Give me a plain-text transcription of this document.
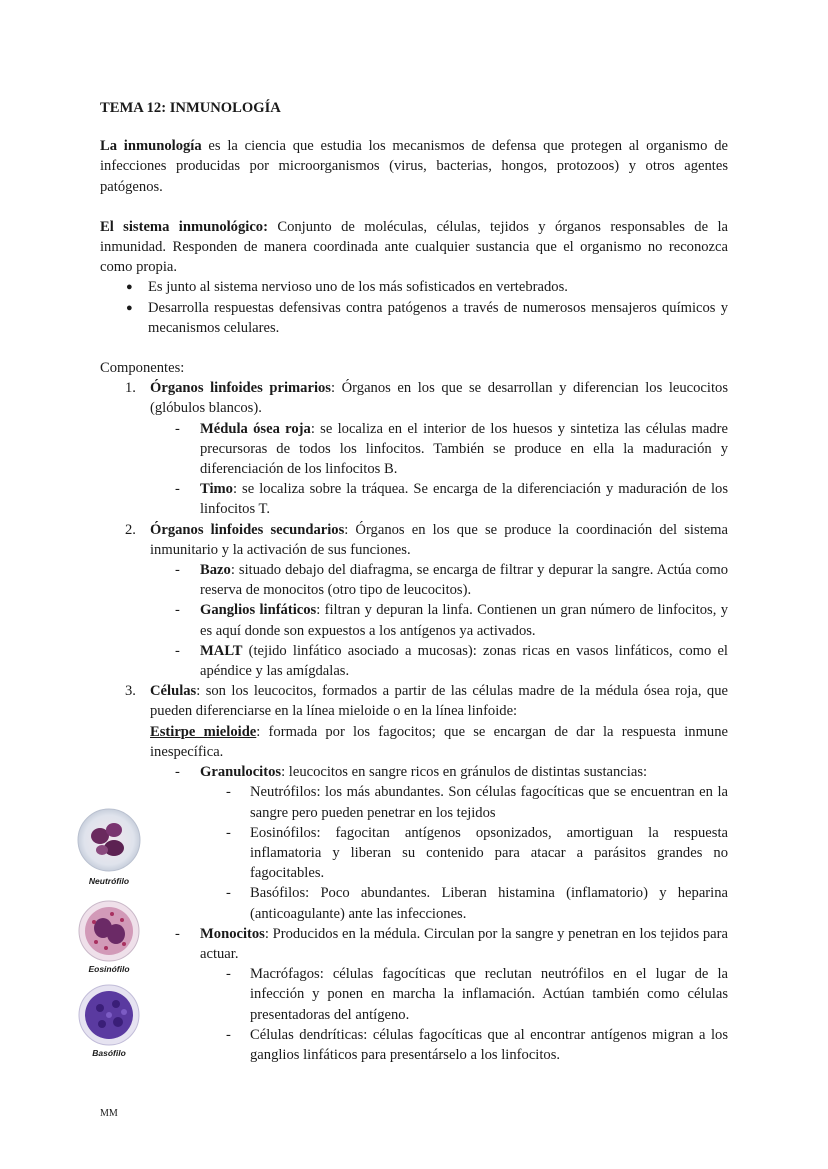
TEMA 12: INMUNOLOGÍA

La inmunología es la ciencia que estudia los mecanismos de defensa que protegen al organismo de infecciones producidas por microorganismos (virus, bacterias, hongos, protozoos) y otros agentes patógenos.

El sistema inmunológico: Conjunto de moléculas, células, tejidos y órganos responsables de la inmunidad. Responden de manera coordinada ante cualquier sustancia que el organismo no reconozca como propia.

● Es junto al sistema nervioso uno de los más sofisticados en vertebrados.
● Desarrolla respuestas defensivas contra patógenos a través de numerosos mensajeros químicos y mecanismos celulares.

Componentes:

1. Órganos linfoides primarios: Órganos en los que se desarrollan y diferencian los leucocitos (glóbulos blancos).

- Médula ósea roja: se localiza en el interior de los huesos y sintetiza las células madre precursoras de todos los linfocitos. También se produce en ella la maduración y diferenciación de los linfocitos B.
- Timo: se localiza sobre la tráquea. Se encarga de la diferenciación y maduración de los linfocitos T.
2. Órganos linfoides secundarios: Órganos en los que se produce la coordinación del sistema inmunitario y la activación de sus funciones.

- Bazo: situado debajo del diafragma, se encarga de filtrar y depurar la sangre. Actúa como reserva de monocitos (otro tipo de leucocitos).
- Ganglios linfáticos: filtran y depuran la linfa. Contienen un gran número de linfocitos, y es aquí donde son expuestos a los antígenos ya activados.
- MALT (tejido linfático asociado a mucosas): zonas ricas en vasos linfáticos, como el apéndice y las amígdalas.
3. Células: son los leucocitos, formados a partir de las células madre de la médula ósea roja, que pueden diferenciarse en la línea mieloide o en la línea linfoide:

Estirpe mieloide: formada por los fagocitos; que se encargan de dar la respuesta inmune inespecífica.

- Granulocitos: leucocitos en sangre ricos en gránulos de distintas sustancias:
- Neutrófilos: los más abundantes. Son células fagocíticas que se encuentran en la sangre pero pueden penetrar en los tejidos
- Eosinófilos: fagocitan antígenos opsonizados, amortiguan la respuesta inflamatoria y liberan su contenido para atacar a parásitos grandes no fagocitables.
- Basófilos: Poco abundantes. Liberan histamina (inflamatorio) y heparina (anticoagulante) ante las infecciones.
- Monocitos: Producidos en la médula. Circulan por la sangre y penetran en los tejidos para actuar.
- Macrófagos: células fagocíticas que reclutan neutrófilos en el lugar de la infección y ponen en marcha la inflamación. Actúan también como células presentadoras del antígeno.
- Células dendríticas: células fagocíticas que al encontrar antígenos migran a los ganglios linfáticos para presentárselo a los linfocitos.
Neutrófilo
Eosinófilo
Basófilo
MM
